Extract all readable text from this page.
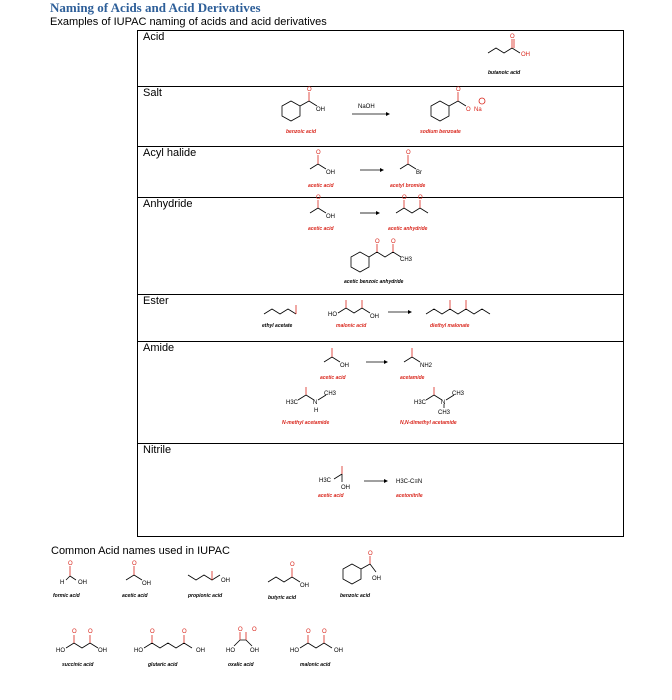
Naming of Acids and Acid Derivatives
Examples of IUPAC naming of acids and acid derivatives
Acid	O
OH
butanoic acid
Salt	O
OH
benzoic acid
NaOH
O
O Na
sodium benzoate
Acyl halide	O
OH
acetic acid
O
Br
acetyl bromide
Anhydride	O
OH
acetic acid
O O
acetic anhydride
O O
CH3
acetic benzoic anhydride
Ester
ethyl acetate
HO	OH
malonic acid	diethyl malonate
Amide
OH
acetic acid
NH2
acetamide
H3C N
CH3
H
N-methyl acetamide
H3C N
CH3
CH3
N,N-dimethyl acetamide
Nitrile
H3C
OH
acetic acid
H3C-C≡N
acetonitrile
Common Acid names used in IUPAC
O
H OH
formic acid
O
OH
acetic acid
OH
propionic acid
O
OH
butyric acid
O
OH
benzoic acid
HO
O O
OH
succinic acid
HO
O	O
OH
glutaric acid
O O
HO	OH
oxalic acid
HO
O O
OH
malonic acid
